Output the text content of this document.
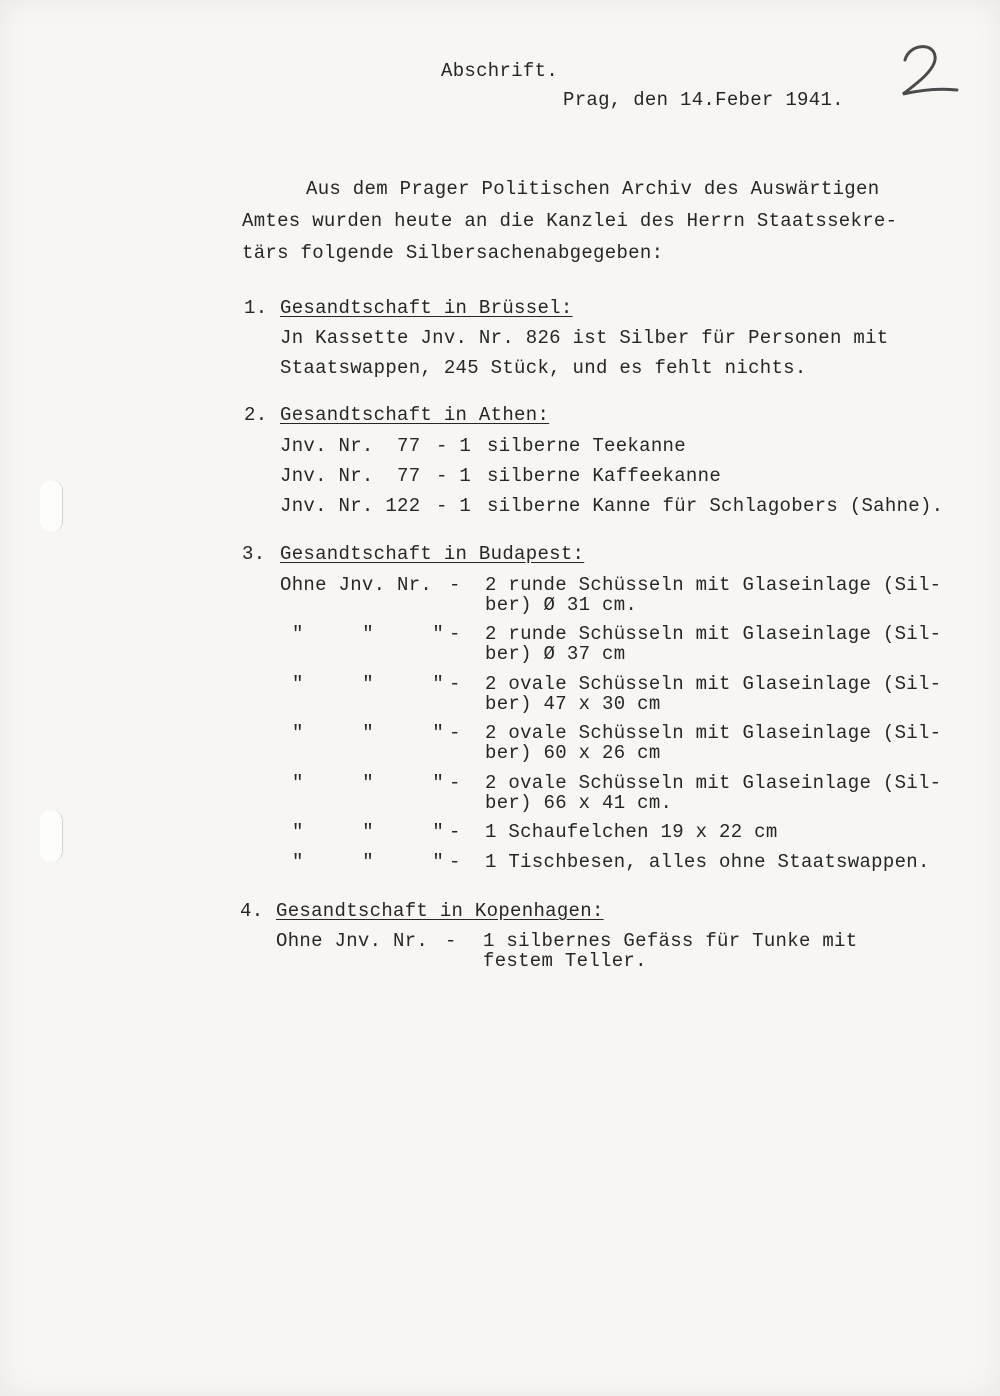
Abschrift.
Prag, den 14.Feber 1941.
Aus dem Prager Politischen Archiv des Auswärtigen
Amtes wurden heute an die Kanzlei des Herrn Staatssekre-
tärs folgende Silbersachenabgegeben:
1. Gesandtschaft in Brüssel:
Jn Kassette Jnv. Nr. 826 ist Silber für Personen mit
Staatswappen, 245 Stück, und es fehlt nichts.
2. Gesandtschaft in Athen:
Jnv. Nr.  77 - 1 silberne Teekanne
Jnv. Nr.  77 - 1 silberne Kaffeekanne
Jnv. Nr. 122 - 1 silberne Kanne für Schlagobers (Sahne).
3. Gesandtschaft in Budapest:
Ohne Jnv. Nr. - 2 runde Schüsseln mit Glaseinlage (Sil-
ber) Ø 31 cm.
"     "     " - 2 runde Schüsseln mit Glaseinlage (Sil-
ber) Ø 37 cm
"     "     " - 2 ovale Schüsseln mit Glaseinlage (Sil-
ber) 47 x 30 cm
"     "     " - 2 ovale Schüsseln mit Glaseinlage (Sil-
ber) 60 x 26 cm
"     "     " - 2 ovale Schüsseln mit Glaseinlage (Sil-
ber) 66 x 41 cm.
"     "     " - 1 Schaufelchen 19 x 22 cm
"     "     " - 1 Tischbesen, alles ohne Staatswappen.
4. Gesandtschaft in Kopenhagen:
Ohne Jnv. Nr. - 1 silbernes Gefäss für Tunke mit
festem Teller.
